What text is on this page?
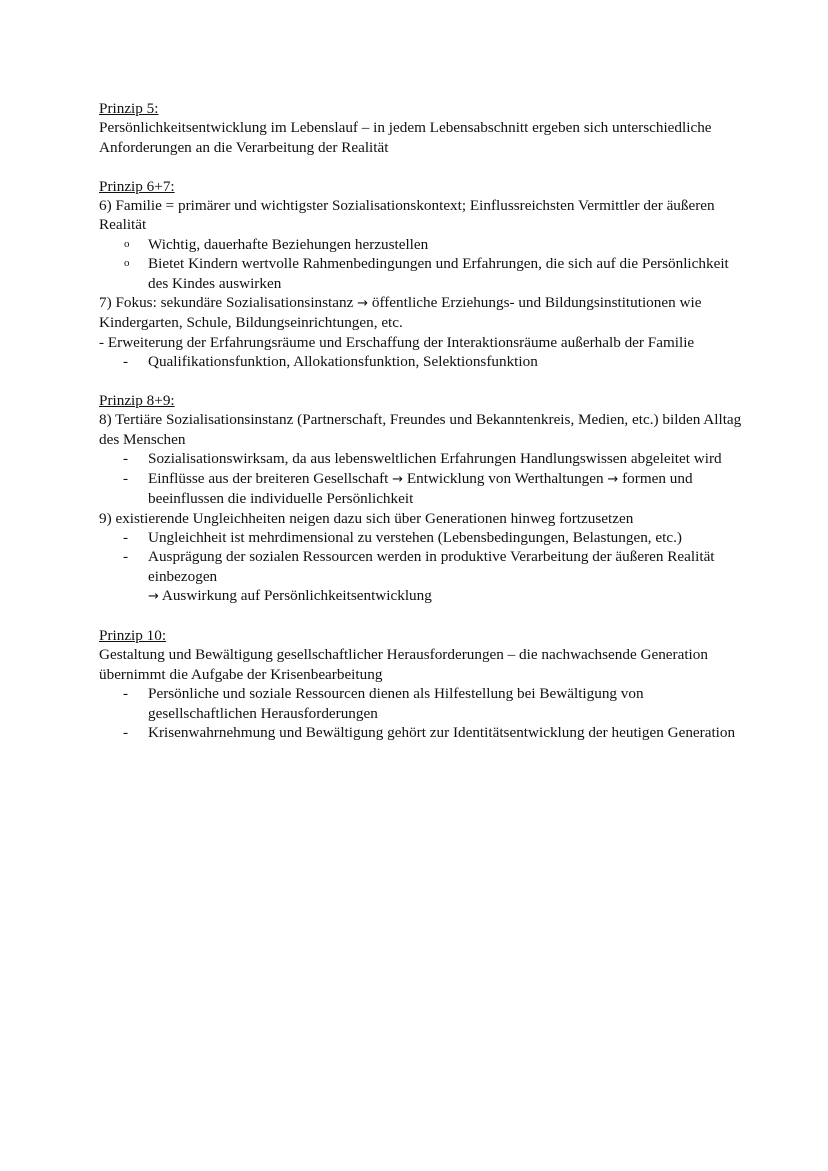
Prinzip 5:

Persönlichkeitsentwicklung im Lebenslauf – in jedem Lebensabschnitt ergeben sich unterschiedliche Anforderungen an die Verarbeitung der Realität

Prinzip 6+7:

6) Familie = primärer und wichtigster Sozialisationskontext; Einflussreichsten Vermittler der äußeren Realität

o Wichtig, dauerhafte Beziehungen herzustellen
o Bietet Kindern wertvolle Rahmenbedingungen und Erfahrungen, die sich auf die Persönlichkeit des Kindes auswirken

7) Fokus: sekundäre Sozialisationsinstanz → öffentliche Erziehungs- und Bildungsinstitutionen wie Kindergarten, Schule, Bildungseinrichtungen, etc.

- Erweiterung der Erfahrungsräume und Erschaffung der Interaktionsräume außerhalb der Familie

- Qualifikationsfunktion, Allokationsfunktion, Selektionsfunktion

Prinzip 8+9:

8) Tertiäre Sozialisationsinstanz (Partnerschaft, Freundes und Bekanntenkreis, Medien, etc.) bilden Alltag des Menschen

- Sozialisationswirksam, da aus lebensweltlichen Erfahrungen Handlungswissen abgeleitet wird
- Einflüsse aus der breiteren Gesellschaft → Entwicklung von Werthaltungen → formen und beeinflussen die individuelle Persönlichkeit

9) existierende Ungleichheiten neigen dazu sich über Generationen hinweg fortzusetzen

- Ungleichheit ist mehrdimensional zu verstehen (Lebensbedingungen, Belastungen, etc.)
- Ausprägung der sozialen Ressourcen werden in produktive Verarbeitung der äußeren Realität einbezogen

→ Auswirkung auf Persönlichkeitsentwicklung

Prinzip 10:

Gestaltung und Bewältigung gesellschaftlicher Herausforderungen – die nachwachsende Generation übernimmt die Aufgabe der Krisenbearbeitung

- Persönliche und soziale Ressourcen dienen als Hilfestellung bei Bewältigung von gesellschaftlichen Herausforderungen
- Krisenwahrnehmung und Bewältigung gehört zur Identitätsentwicklung der heutigen Generation
